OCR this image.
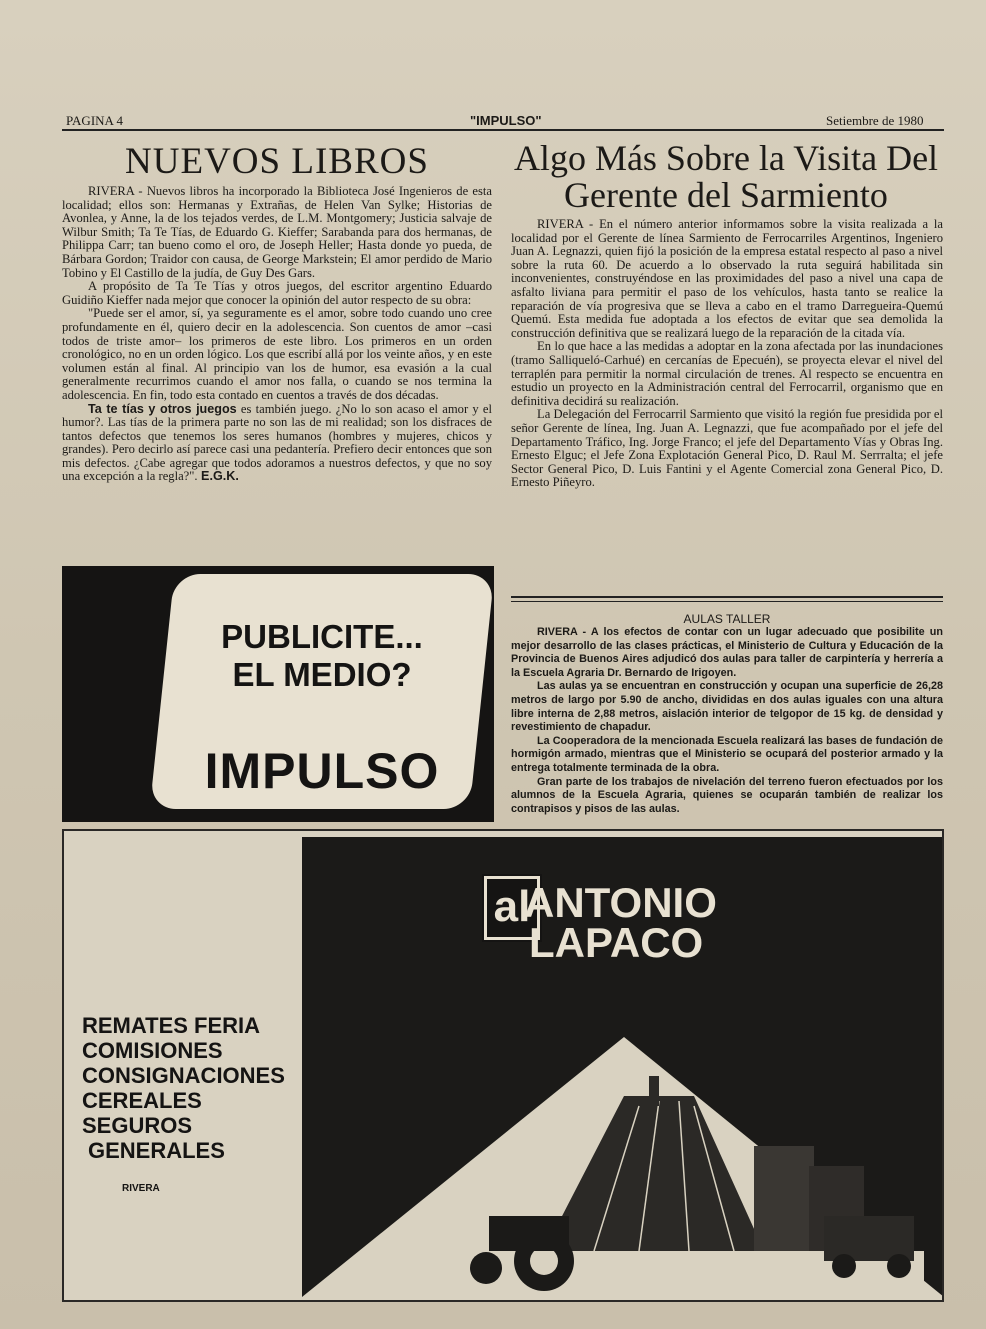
PAGINA 4	"IMPULSO"	Setiembre de 1980
NUEVOS LIBROS

RIVERA - Nuevos libros ha incorporado la Biblioteca José Ingenieros de esta localidad; ellos son: Hermanas y Extrañas, de Helen Van Sylke; Historias de Avonlea, y Anne, la de los tejados verdes, de L.M. Montgomery; Justicia salvaje de Wilbur Smith; Ta Te Tías, de Eduardo G. Kieffer; Sarabanda para dos hermanas, de Philippa Carr; tan bueno como el oro, de Joseph Heller; Hasta donde yo pueda, de Bárbara Gordon; Traidor con causa, de George Markstein; El amor perdido de Mario Tobino y El Castillo de la judía, de Guy Des Gars.

A propósito de Ta Te Tías y otros juegos, del escritor argentino Eduardo Guidiño Kieffer nada mejor que conocer la opinión del autor respecto de su obra:

"Puede ser el amor, sí, ya seguramente es el amor, sobre todo cuando uno cree profundamente en él, quiero decir en la adolescencia. Son cuentos de amor –casi todos de triste amor– los primeros de este libro. Los primeros en un orden cronológico, no en un orden lógico. Los que escribí allá por los veinte años, y en este volumen están al final. Al principio van los de humor, esa evasión a la cual generalmente recurrimos cuando el amor nos falla, o cuando se nos termina la adolescencia. En fin, todo esta contado en cuentos a través de dos décadas.

Ta te tías y otros juegos es también juego. ¿No lo son acaso el amor y el humor?. Las tías de la primera parte no son las de mi realidad; son los disfraces de tantos defectos que tenemos los seres humanos (hombres y mujeres, chicos y grandes). Pero decirlo así parece casi una pedantería. Prefiero decir entonces que son mis defectos. ¿Cabe agregar que todos adoramos a nuestros defectos, y que no soy una excepción a la regla?". E.G.K.

Algo Más Sobre la Visita Del Gerente del Sarmiento

RIVERA - En el número anterior informamos sobre la visita realizada a la localidad por el Gerente de línea Sarmiento de Ferrocarriles Argentinos, Ingeniero Juan A. Legnazzi, quien fijó la posición de la empresa estatal respecto al paso a nivel sobre la ruta 60. De acuerdo a lo observado la ruta seguirá habilitada sin inconvenientes, construyéndose en las proximidades del paso a nivel una capa de asfalto liviana para permitir el paso de los vehículos, hasta tanto se realice la reparación de vía progresiva que se lleva a cabo en el tramo Darregueira-Quemú Quemú. Esta medida fue adoptada a los efectos de evitar que sea demolida la construcción definitiva que se realizará luego de la reparación de la citada vía.

En lo que hace a las medidas a adoptar en la zona afectada por las inundaciones (tramo Salliqueló-Carhué) en cercanías de Epecuén), se proyecta elevar el nivel del terraplén para permitir la normal circulación de trenes. Al respecto se encuentra en estudio un proyecto en la Administración central del Ferrocarril, organismo que en definitiva decidirá su realización.

La Delegación del Ferrocarril Sarmiento que visitó la región fue presidida por el señor Gerente de línea, Ing. Juan A. Legnazzi, que fue acompañado por el jefe del Departamento Tráfico, Ing. Jorge Franco; el jefe del Departamento Vías y Obras Ing. Ernesto Elguc; el Jefe Zona Explotación General Pico, D. Raul M. Serrralta; el jefe Sector General Pico, D. Luis Fantini y el Agente Comercial zona General Pico, D. Ernesto Piñeyro.

AULAS TALLER

RIVERA - A los efectos de contar con un lugar adecuado que posibilite un mejor desarrollo de las clases prácticas, el Ministerio de Cultura y Educación de la Provincia de Buenos Aires adjudicó dos aulas para taller de carpintería y herrería a la Escuela Agraria Dr. Bernardo de Irigoyen.

Las aulas ya se encuentran en construcción y ocupan una superficie de 26,28 metros de largo por 5.90 de ancho, divididas en dos aulas iguales con una altura libre interna de 2,88 metros, aislación interior de telgopor de 15 kg. de densidad y revestimiento de chapadur.

La Cooperadora de la mencionada Escuela realizará las bases de fundación de hormigón armado, mientras que el Ministerio se ocupará del posterior armado y la entrega totalmente terminada de la obra.

Gran parte de los trabajos de nivelación del terreno fueron efectuados por los alumnos de la Escuela Agraria, quienes se ocuparán también de realizar los contrapisos y pisos de las aulas.

PUBLICITE...
EL MEDIO?
IMPULSO
al
ANTONIO
LAPACO
REMATES FERIA
COMISIONES
CONSIGNACIONES
CEREALES
SEGUROS
GENERALES
RIVERA
